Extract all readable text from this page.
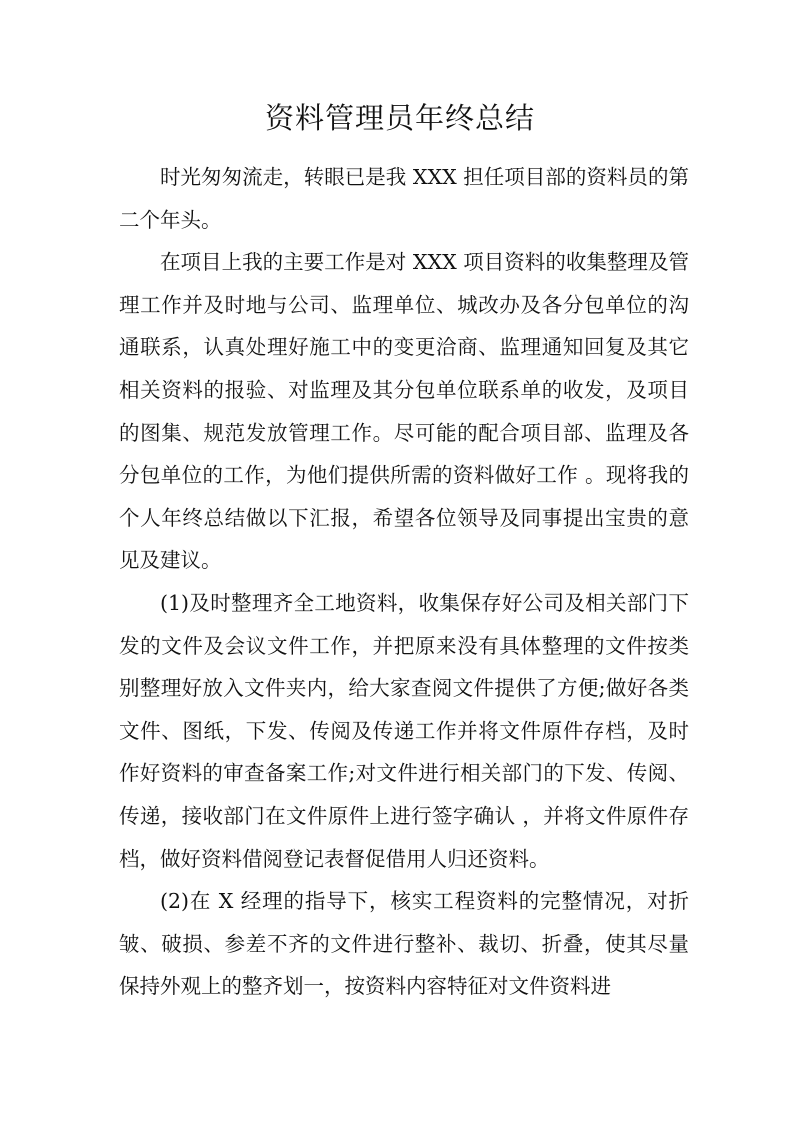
资料管理员年终总结

时光匆匆流走，转眼已是我 XXX 担任项目部的资料员的第二个年头。

在项目上我的主要工作是对 XXX 项目资料的收集整理及管理工作并及时地与公司、监理单位、城改办及各分包单位的沟通联系，认真处理好施工中的变更洽商、监理通知回复及其它相关资料的报验、对监理及其分包单位联系单的收发，及项目的图集、规范发放管理工作。尽可能的配合项目部、监理及各分包单位的工作，为他们提供所需的资料做好工作 。现将我的个人年终总结做以下汇报，希望各位领导及同事提出宝贵的意见及建议。

(1)及时整理齐全工地资料，收集保存好公司及相关部门下发的文件及会议文件工作，并把原来没有具体整理的文件按类别整理好放入文件夹内，给大家查阅文件提供了方便;做好各类文件、图纸，下发、传阅及传递工作并将文件原件存档，及时作好资料的审查备案工作;对文件进行相关部门的下发、传阅、传递，接收部门在文件原件上进行签字确认 ，并将文件原件存档，做好资料借阅登记表督促借用人归还资料。

(2)在 X 经理的指导下，核实工程资料的完整情况，对折皱、破损、参差不齐的文件进行整补、裁切、折叠，使其尽量保持外观上的整齐划一，按资料内容特征对文件资料进
